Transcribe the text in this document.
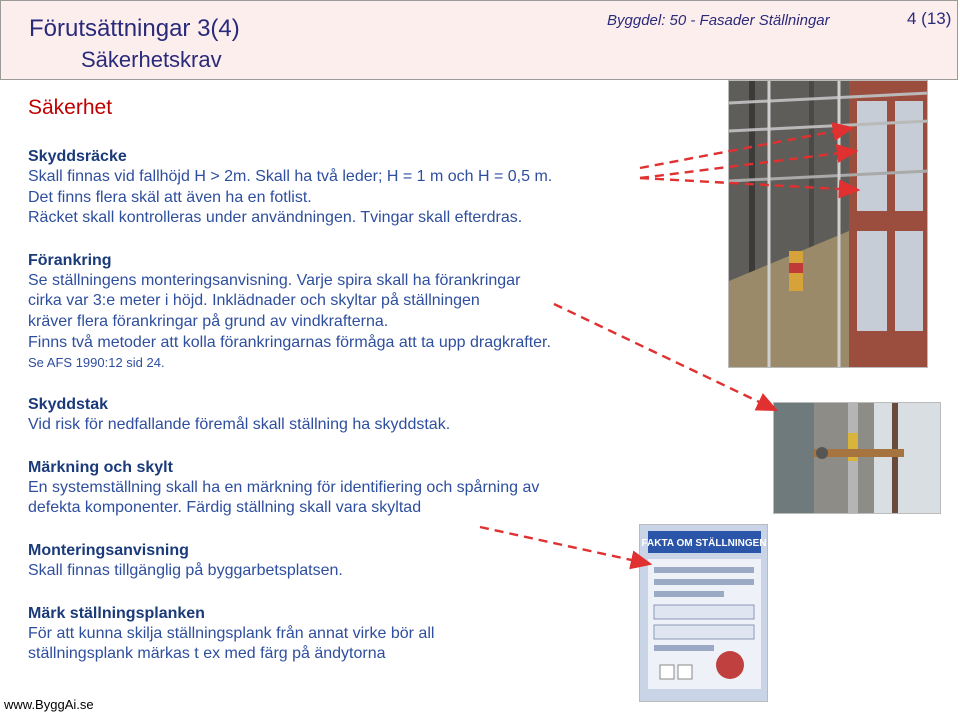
Förutsättningar 3(4)
Säkerhetskrav
Byggdel: 50 - Fasader Ställningar	4 (13)
Säkerhet
Skyddsräcke
Skall finnas vid fallhöjd H > 2m. Skall ha två leder; H = 1 m och H = 0,5 m.
Det finns flera skäl att även ha en fotlist.
Räcket skall kontrolleras under användningen. Tvingar skall efterdras.
Förankring
Se ställningens monteringsanvisning. Varje spira skall ha förankringar
cirka var 3:e meter i höjd. Inklädnader och skyltar på ställningen
kräver flera förankringar på grund av vindkrafterna.
Finns två metoder att kolla förankringarnas förmåga att ta upp dragkrafter.
Se AFS 1990:12 sid 24.
Skyddstak
Vid risk för nedfallande föremål skall ställning ha skyddstak.
Märkning och skylt
En systemställning skall ha en märkning för identifiering och spårning av
defekta komponenter. Färdig ställning skall vara skyltad
Monteringsanvisning
Skall finnas tillgänglig på byggarbetsplatsen.
Märk ställningsplanken
För att kunna skilja ställningsplank från annat virke bör all
ställningsplank märkas t ex med färg på ändytorna
FAKTA OM STÄLLNINGEN
www.ByggAi.se
